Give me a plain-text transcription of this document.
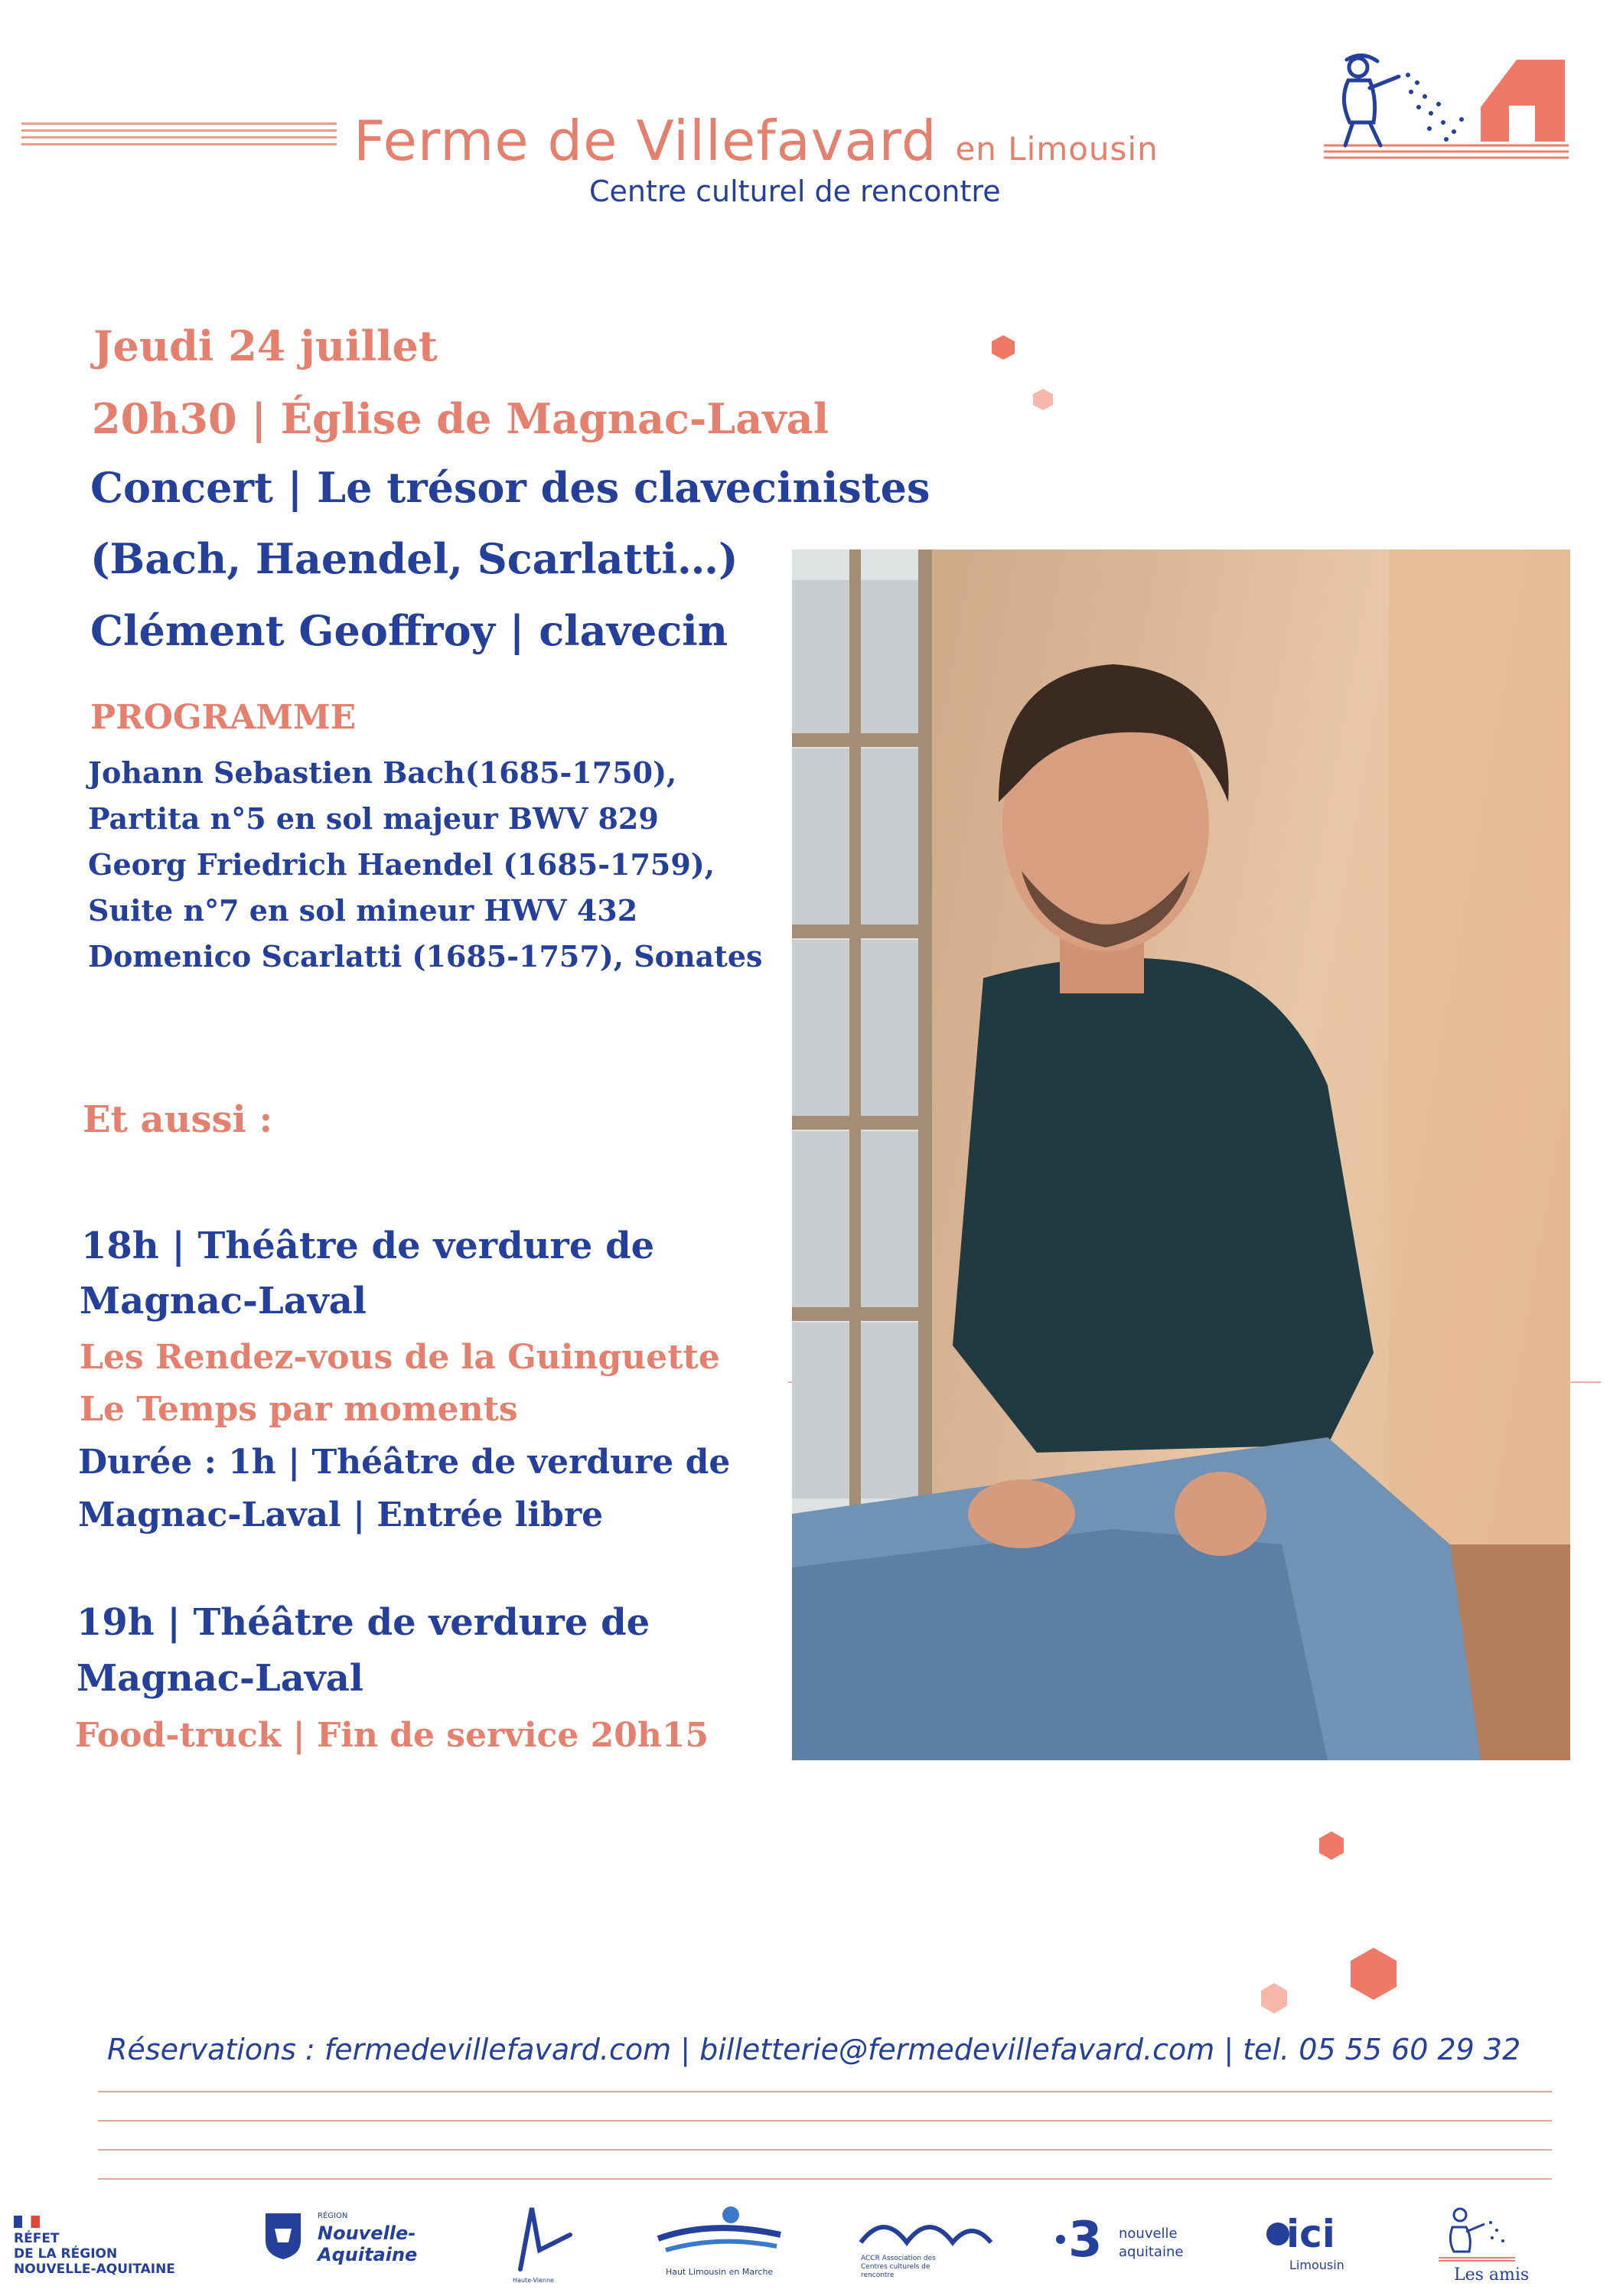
Ferme de Villefavard en Limousin
Centre culturel de rencontre
Jeudi 24 juillet
20h30 | Église de Magnac-Laval
Concert | Le trésor des clavecinistes
(Bach, Haendel, Scarlatti…)
Clément Geoffroy | clavecin
PROGRAMME
Johann Sebastien Bach(1685-1750),
Partita n°5 en sol majeur BWV 829
Georg Friedrich Haendel (1685-1759),
Suite n°7 en sol mineur HWV 432
Domenico Scarlatti (1685-1757), Sonates
Et aussi :
18h | Théâtre de verdure de
Magnac-Laval
Les Rendez-vous de la Guinguette
Le Temps par moments
Durée : 1h | Théâtre de verdure de
Magnac-Laval | Entrée libre
19h | Théâtre de verdure de
Magnac-Laval
Food-truck | Fin de service 20h15
Réservations : fermedevillefavard.com | billetterie@fermedevillefavard.com | tel. 05 55 60 29 32
RÉFET
DE LA RÉGION
NOUVELLE-AQUITAINE
RÉGION
Nouvelle-
Aquitaine
Haute-Vienne
Haut Limousin en Marche
ACCR Association des Centres culturels de rencontre
3 nouvelle
aquitaine	ici
Limousin
Les amis
